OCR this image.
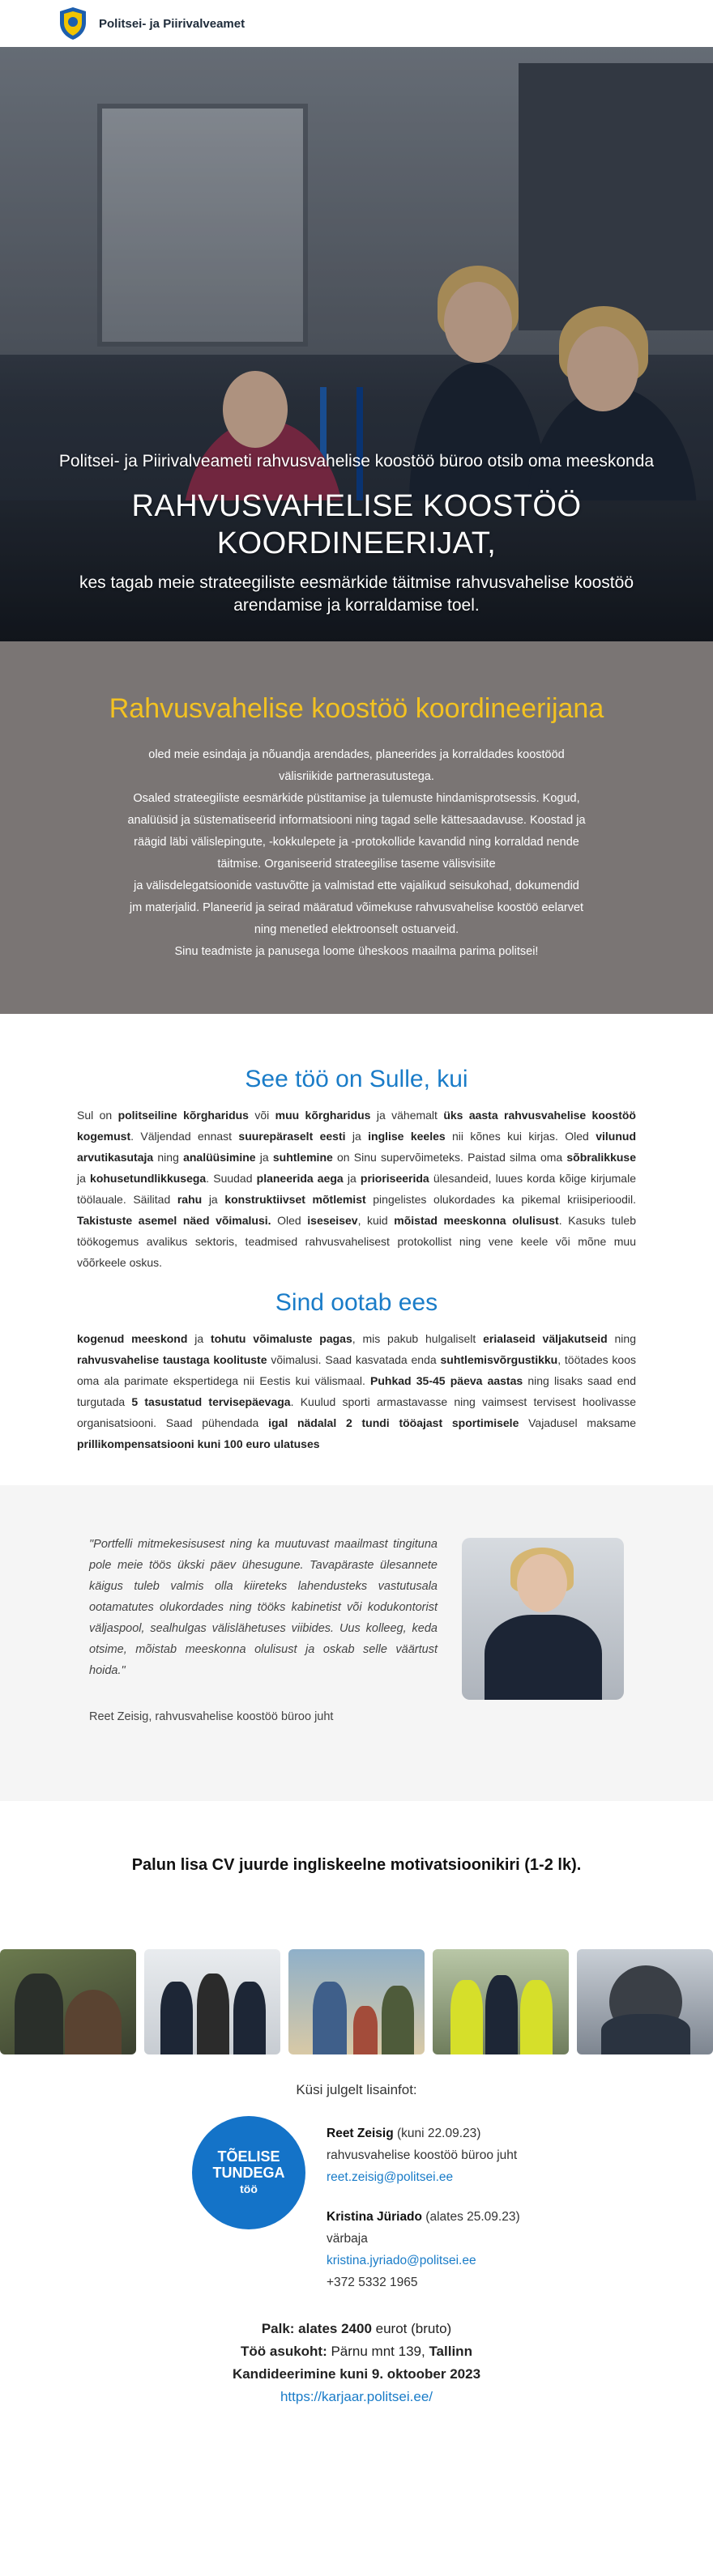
Politsei- ja Piirivalveamet
Politsei- ja Piirivalveameti rahvusvahelise koostöö büroo otsib oma meeskonda
RAHVUSVAHELISE KOOSTÖÖ
KOORDINEERIJAT,
kes tagab meie strateegiliste eesmärkide täitmise rahvusvahelise koostöö
arendamise ja korraldamise toel.
Rahvusvahelise koostöö koordineerijana

oled meie esindaja ja nõuandja arendades, planeerides ja korraldades koostööd
välisriikide partnerasutustega.
Osaled strateegiliste eesmärkide püstitamise ja tulemuste hindamisprotsessis. Kogud,
analüüsid ja süstematiseerid informatsiooni ning tagad selle kättesaadavuse. Koostad ja
räägid läbi välislepingute, -kokkulepete ja -protokollide kavandid ning korraldad nende
täitmise. Organiseerid strateegilise taseme välisvisiite
ja välisdelegatsioonide vastuvõtte ja valmistad ette vajalikud seisukohad, dokumendid
jm materjalid. Planeerid ja seirad määratud võimekuse rahvusvahelise koostöö eelarvet
ning menetled elektroonselt ostuarveid.
Sinu teadmiste ja panusega loome üheskoos maailma parima politsei!

See töö on Sulle, kui

Sul on politseiline kõrgharidus või muu kõrgharidus ja vähemalt üks aasta rahvusvahelise koostöö kogemust. Väljendad ennast suurepäraselt eesti ja inglise keeles nii kõnes kui kirjas. Oled vilunud arvutikasutaja ning analüüsimine ja suhtlemine on Sinu supervõimeteks. Paistad silma oma sõbralikkuse ja kohusetundlikkusega. Suudad planeerida aega ja prioriseerida ülesandeid, luues korda kõige kirjumale töölauale. Säilitad rahu ja konstruktiivset mõtlemist pingelistes olukordades ka pikemal kriisiperioodil. Takistuste asemel näed võimalusi. Oled iseseisev, kuid mõistad meeskonna olulisust. Kasuks tuleb töökogemus avalikus sektoris, teadmised rahvusvahelisest protokollist ning vene keele või mõne muu võõrkeele oskus.

Sind ootab ees

kogenud meeskond ja tohutu võimaluste pagas, mis pakub hulgaliselt erialaseid väljakutseid ning rahvusvahelise taustaga koolituste võimalusi. Saad kasvatada enda suhtlemisvõrgustikku, töötades koos oma ala parimate ekspertidega nii Eestis kui välismaal. Puhkad 35-45 päeva aastas ning lisaks saad end turgutada 5 tasustatud tervisepäevaga. Kuulud sporti armastavasse ning vaimsest tervisest hoolivasse organisatsiooni. Saad pühendada igal nädalal 2 tundi tööajast sportimisele Vajadusel maksame prillikompensatsiooni kuni 100 euro ulatuses

"Portfelli mitmekesisusest ning ka muutuvast maailmast tingituna pole meie töös ükski päev ühesugune. Tavapäraste ülesannete käigus tuleb valmis olla kiireteks lahendusteks vastutusala ootamatutes olukordades ning tööks kabinetist või kodukontorist väljaspool, sealhulgas välislähetuses viibides. Uus kolleeg, keda otsime, mõistab meeskonna olulisust ja oskab selle väärtust hoida."
Reet Zeisig, rahvusvahelise koostöö büroo juht
Palun lisa CV juurde ingliskeelne motivatsioonikiri (1-2 lk).
Küsi julgelt lisainfot:
TÕELISE
TUNDEGA
töö
Reet Zeisig (kuni 22.09.23)
rahvusvahelise koostöö büroo juht
reet.zeisig@politsei.ee
Kristina Jüriado (alates 25.09.23)
värbaja
kristina.jyriado@politsei.ee
+372 5332 1965
Palk: alates 2400 eurot (bruto)
Töö asukoht: Pärnu mnt 139, Tallinn
Kandideerimine kuni 9. oktoober 2023
https://karjaar.politsei.ee/
